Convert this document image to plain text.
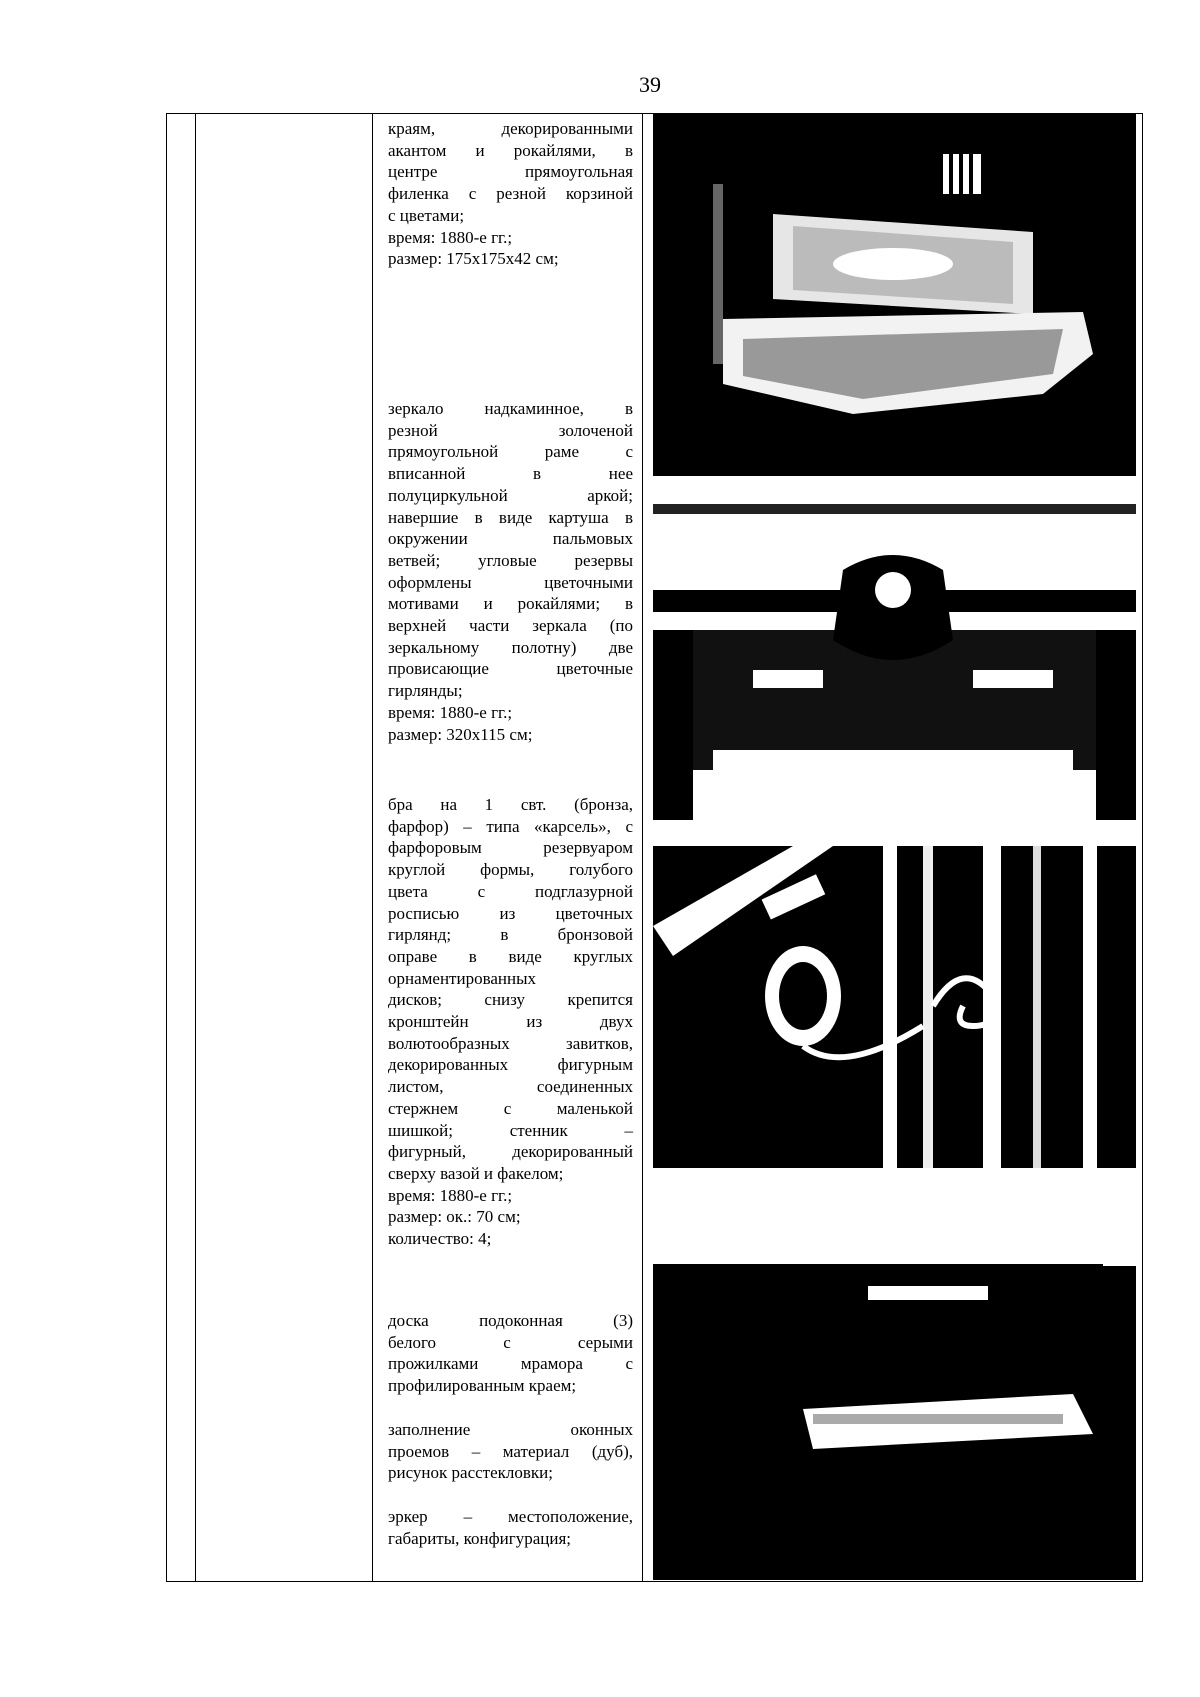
39

краям, декорированными

акантом и рокайлями, в

центре прямоугольная

филенка с резной корзиной

с цветами;

время: 1880-е гг.;

размер: 175х175х42 см;

зеркало надкаминное, в

резной золоченой

прямоугольной раме с

вписанной в нее

полуциркульной аркой;

навершие в виде картуша в

окружении пальмовых

ветвей; угловые резервы

оформлены цветочными

мотивами и рокайлями; в

верхней части зеркала (по

зеркальному полотну) две

провисающие цветочные

гирлянды;

время: 1880-е гг.;

размер: 320х115 см;

бра на 1 свт. (бронза,

фарфор) – типа «карсель», с

фарфоровым резервуаром

круглой формы, голубого

цвета с подглазурной

росписью из цветочных

гирлянд; в бронзовой

оправе в виде круглых

орнаментированных

дисков; снизу крепится

кронштейн из двух

волютообразных завитков,

декорированных фигурным

листом, соединенных

стержнем с маленькой

шишкой; стенник –

фигурный, декорированный

сверху вазой и факелом;

время: 1880-е гг.;

размер: ок.: 70 см;

количество: 4;

доска подоконная (3)

белого с серыми

прожилками мрамора с

профилированным краем;

заполнение оконных

проемов – материал (дуб),

рисунок расстекловки;

эркер – местоположение,

габариты, конфигурация;
